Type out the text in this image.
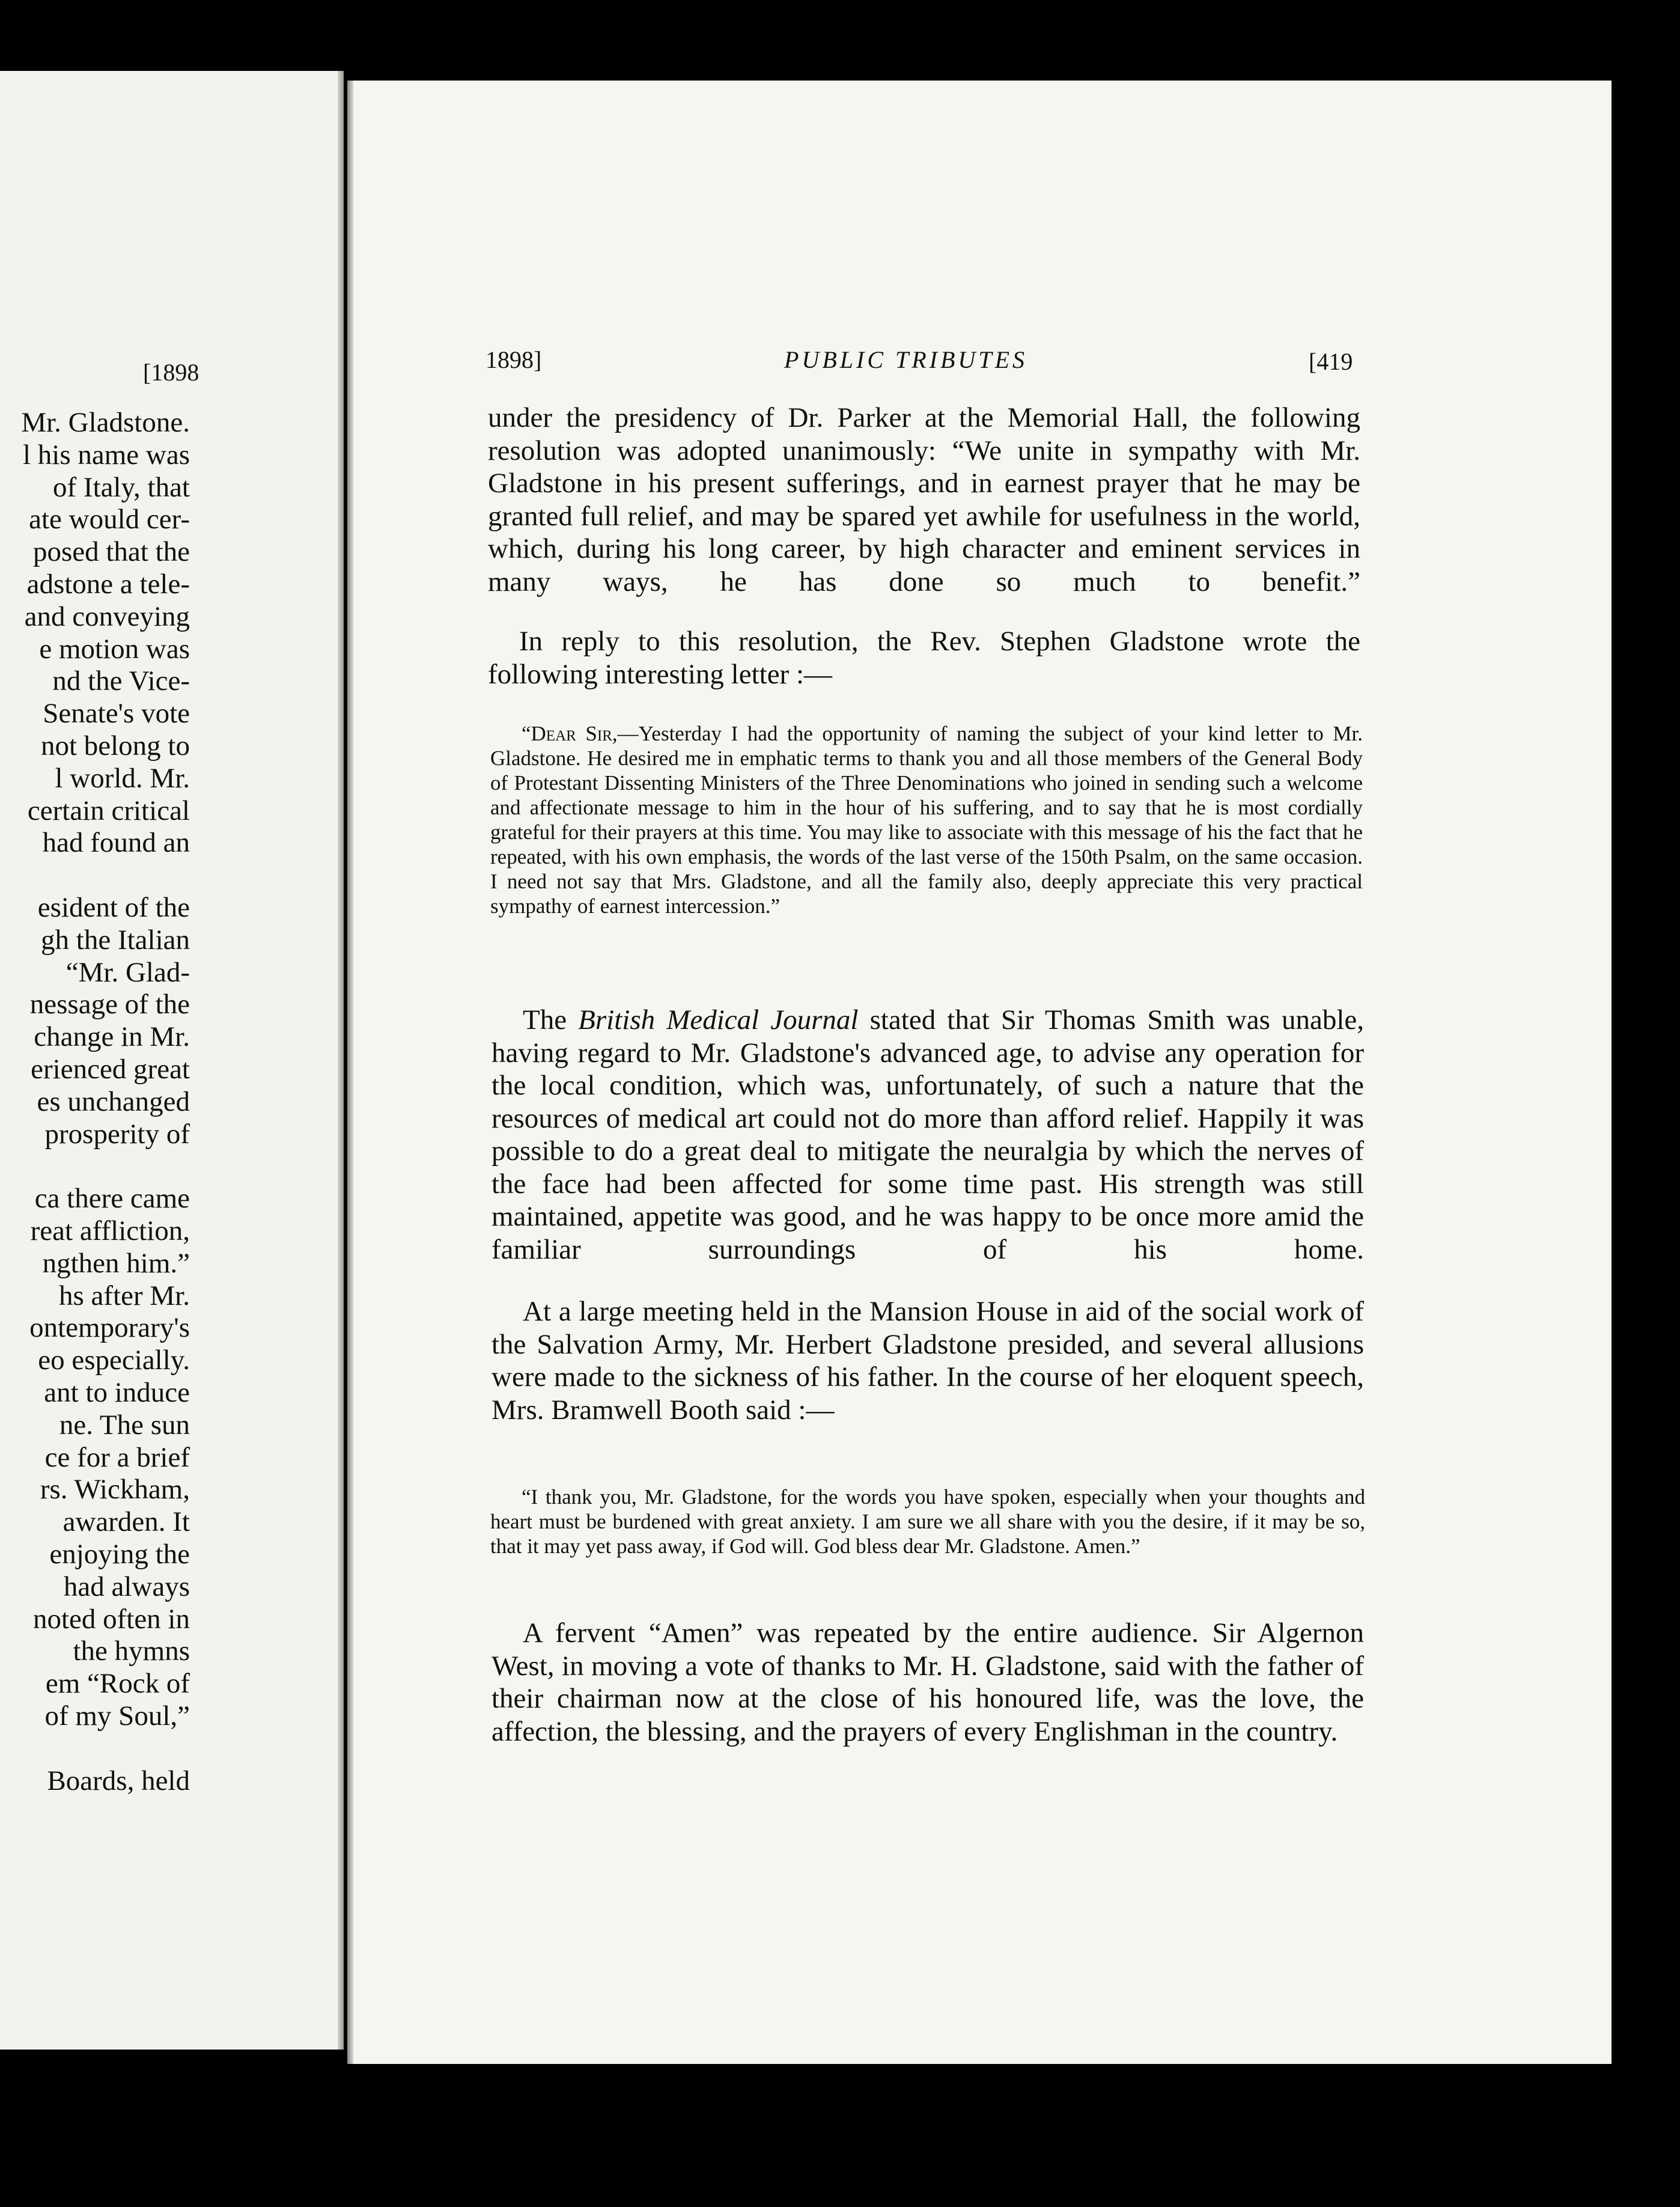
Mr. Gladstone.
l his name was
of Italy, that
ate would cer-
posed that the
adstone a tele-
and conveying
e motion was
nd the Vice-
Senate's vote
not belong to
l world. Mr.
certain critical
had found an
esident of the
gh the Italian
“Mr. Glad-
nessage of the
change in Mr.
erienced great
es unchanged
prosperity of
ca there came
reat affliction,
ngthen him.”
hs after Mr.
ontemporary's
eo especially.
ant to induce
ne. The sun
ce for a brief
rs. Wickham,
awarden. It
enjoying the
had always
noted often in
the hymns
em “Rock of
of my Soul,”
Boards, held
[1898	1898]	PUBLIC TRIBUTES	[419
under the presidency of Dr. Parker at the Memorial Hall, the following resolution was adopted unanimously: “We unite in sympathy with Mr. Gladstone in his present sufferings, and in earnest prayer that he may be granted full relief, and may be spared yet awhile for usefulness in the world, which, during his long career, by high character and eminent services in many ways, he has done so much to benefit.”
In reply to this resolution, the Rev. Stephen Gladstone wrote the following interesting letter :—
“Dear Sir,—Yesterday I had the opportunity of naming the subject of your kind letter to Mr. Gladstone. He desired me in emphatic terms to thank you and all those members of the General Body of Protestant Dissenting Ministers of the Three Denominations who joined in sending such a welcome and affectionate message to him in the hour of his suffering, and to say that he is most cordially grateful for their prayers at this time. You may like to associate with this message of his the fact that he repeated, with his own emphasis, the words of the last verse of the 150th Psalm, on the same occasion. I need not say that Mrs. Gladstone, and all the family also, deeply appreciate this very practical sympathy of earnest intercession.”
The British Medical Journal stated that Sir Thomas Smith was unable, having regard to Mr. Gladstone's advanced age, to advise any operation for the local condition, which was, unfortunately, of such a nature that the resources of medical art could not do more than afford relief. Happily it was possible to do a great deal to mitigate the neuralgia by which the nerves of the face had been affected for some time past. His strength was still maintained, appetite was good, and he was happy to be once more amid the familiar surroundings of his home.
At a large meeting held in the Mansion House in aid of the social work of the Salvation Army, Mr. Herbert Gladstone presided, and several allusions were made to the sickness of his father. In the course of her eloquent speech, Mrs. Bramwell Booth said :—
“I thank you, Mr. Gladstone, for the words you have spoken, especially when your thoughts and heart must be burdened with great anxiety. I am sure we all share with you the desire, if it may be so, that it may yet pass away, if God will. God bless dear Mr. Gladstone. Amen.”
A fervent “Amen” was repeated by the entire audience. Sir Algernon West, in moving a vote of thanks to Mr. H. Gladstone, said with the father of their chairman now at the close of his honoured life, was the love, the affection, the blessing, and the prayers of every Englishman in the country.
